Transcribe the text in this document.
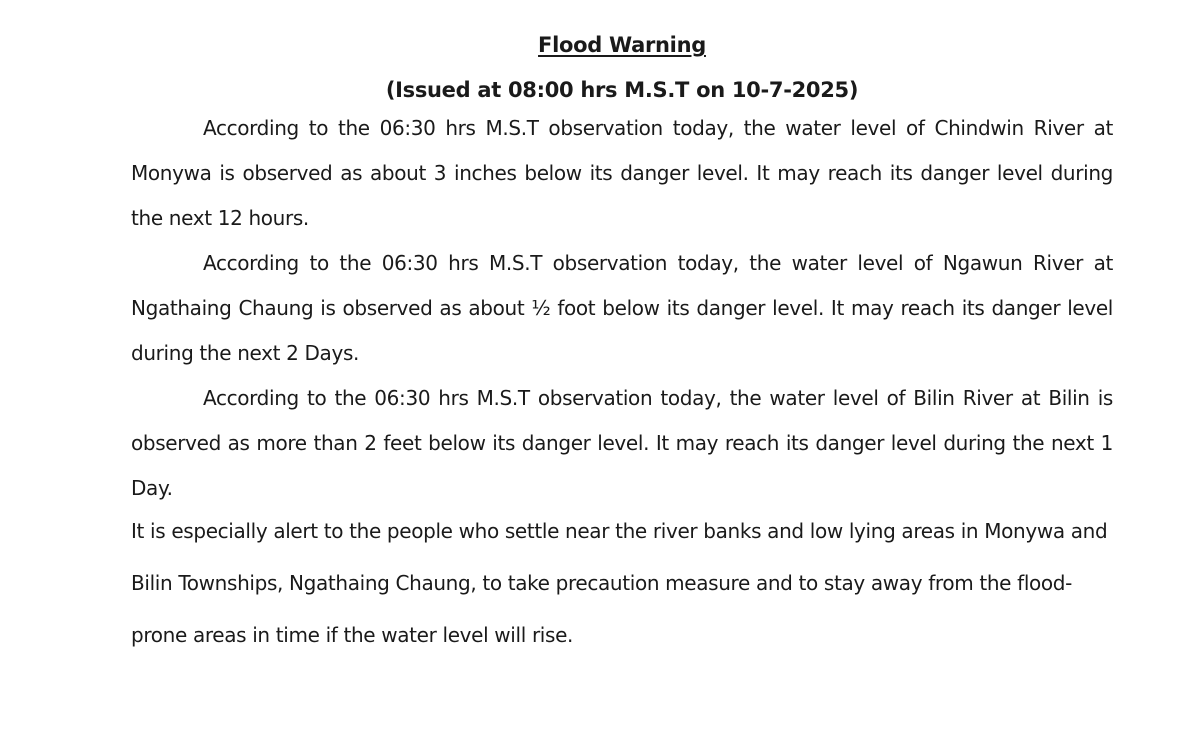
Flood Warning

(Issued at 08:00 hrs M.S.T on 10-7-2025)

According to the 06:30 hrs M.S.T observation today, the water level of Chindwin River at Monywa is observed as about 3 inches below its danger level. It may reach its danger level during the next 12 hours.

According to the 06:30 hrs M.S.T observation today, the water level of Ngawun River at Ngathaing Chaung is observed as about ½ foot below its danger level. It may reach its danger level during the next 2 Days.

According to the 06:30 hrs M.S.T observation today, the water level of Bilin River at Bilin is observed as more than 2 feet below its danger level. It may reach its danger level during the next 1 Day.

It is especially alert to the people who settle near the river banks and low lying areas in Monywa and Bilin Townships, Ngathaing Chaung, to take precaution measure and to stay away from the flood-prone areas in time if the water level will rise.
